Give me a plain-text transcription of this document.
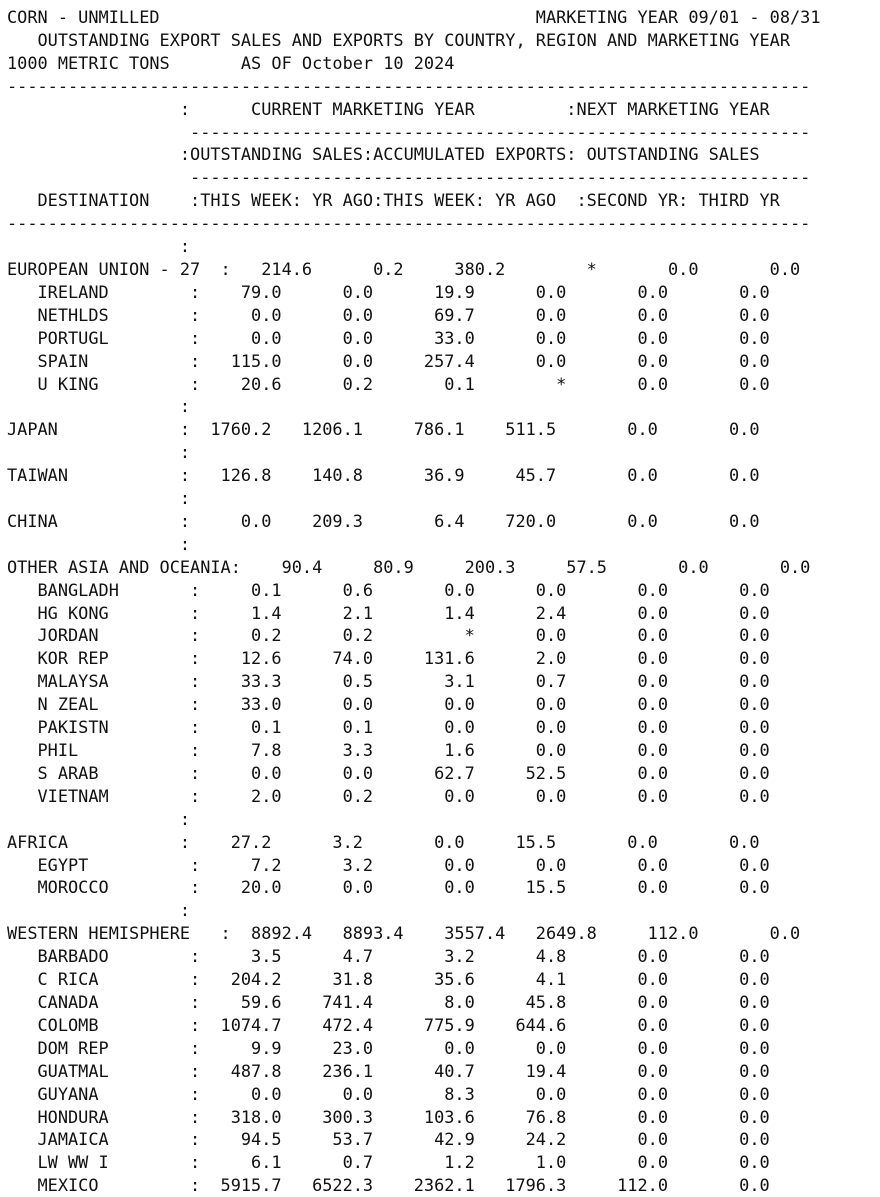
CORN - UNMILLED                                     MARKETING YEAR 09/01 - 08/31
OUTSTANDING EXPORT SALES AND EXPORTS BY COUNTRY, REGION AND MARKETING YEAR
1000 METRIC TONS       AS OF October 10 2024
-------------------------------------------------------------------------------
:      CURRENT MARKETING YEAR         :NEXT MARKETING YEAR
-------------------------------------------------------------
:OUTSTANDING SALES:ACCUMULATED EXPORTS: OUTSTANDING SALES
-------------------------------------------------------------
DESTINATION    :THIS WEEK: YR AGO:THIS WEEK: YR AGO  :SECOND YR: THIRD YR
-------------------------------------------------------------------------------
:
EUROPEAN UNION - 27  :   214.6      0.2     380.2        *       0.0       0.0
IRELAND        :    79.0      0.0      19.9      0.0       0.0       0.0
NETHLDS        :     0.0      0.0      69.7      0.0       0.0       0.0
PORTUGL        :     0.0      0.0      33.0      0.0       0.0       0.0
SPAIN          :   115.0      0.0     257.4      0.0       0.0       0.0
U KING         :    20.6      0.2       0.1        *       0.0       0.0
:
JAPAN            :  1760.2   1206.1     786.1    511.5       0.0       0.0
:
TAIWAN           :   126.8    140.8      36.9     45.7       0.0       0.0
:
CHINA            :     0.0    209.3       6.4    720.0       0.0       0.0
:
OTHER ASIA AND OCEANIA:    90.4     80.9     200.3     57.5       0.0       0.0
BANGLADH       :     0.1      0.6       0.0      0.0       0.0       0.0
HG KONG        :     1.4      2.1       1.4      2.4       0.0       0.0
JORDAN         :     0.2      0.2         *      0.0       0.0       0.0
KOR REP        :    12.6     74.0     131.6      2.0       0.0       0.0
MALAYSA        :    33.3      0.5       3.1      0.7       0.0       0.0
N ZEAL         :    33.0      0.0       0.0      0.0       0.0       0.0
PAKISTN        :     0.1      0.1       0.0      0.0       0.0       0.0
PHIL           :     7.8      3.3       1.6      0.0       0.0       0.0
S ARAB         :     0.0      0.0      62.7     52.5       0.0       0.0
VIETNAM        :     2.0      0.2       0.0      0.0       0.0       0.0
:
AFRICA           :    27.2      3.2       0.0     15.5       0.0       0.0
EGYPT          :     7.2      3.2       0.0      0.0       0.0       0.0
MOROCCO        :    20.0      0.0       0.0     15.5       0.0       0.0
:
WESTERN HEMISPHERE   :  8892.4   8893.4    3557.4   2649.8     112.0       0.0
BARBADO        :     3.5      4.7       3.2      4.8       0.0       0.0
C RICA         :   204.2     31.8      35.6      4.1       0.0       0.0
CANADA         :    59.6    741.4       8.0     45.8       0.0       0.0
COLOMB         :  1074.7    472.4     775.9    644.6       0.0       0.0
DOM REP        :     9.9     23.0       0.0      0.0       0.0       0.0
GUATMAL        :   487.8    236.1      40.7     19.4       0.0       0.0
GUYANA         :     0.0      0.0       8.3      0.0       0.0       0.0
HONDURA        :   318.0    300.3     103.6     76.8       0.0       0.0
JAMAICA        :    94.5     53.7      42.9     24.2       0.0       0.0
LW WW I        :     6.1      0.7       1.2      1.0       0.0       0.0
MEXICO         :  5915.7   6522.3    2362.1   1796.3     112.0       0.0
